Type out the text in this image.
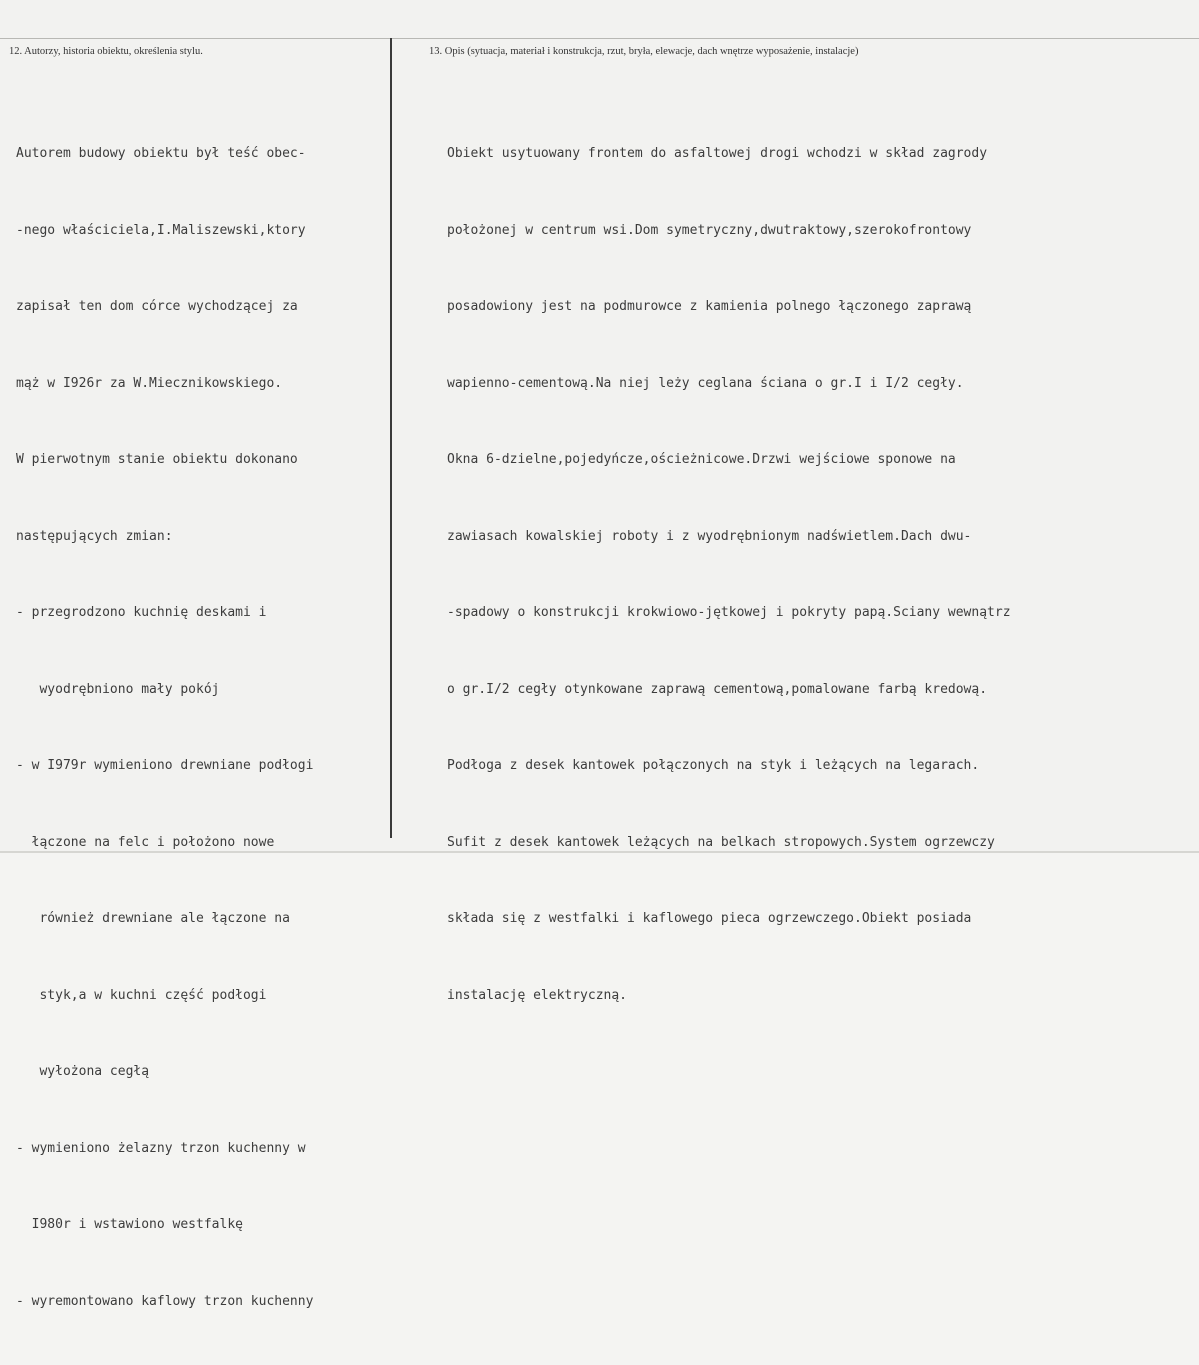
12. Autorzy, historia obiektu, określenia stylu.	13. Opis (sytuacja, materiał i konstrukcja, rzut, bryła, elewacje, dach wnętrze wyposażenie, instalacje)

Autorem budowy obiektu był teść obec-

-nego właściciela,I.Maliszewski,ktory

zapisał ten dom córce wychodzącej za

mąż w I926r za W.Miecznikowskiego.

W pierwotnym stanie obiektu dokonano

następujących zmian:

- przegrodzono kuchnię deskami i

wyodrębniono mały pokój

- w I979r wymieniono drewniane podłogi

łączone na felc i położono nowe

również drewniane ale łączone na

styk,a w kuchni część podłogi

wyłożona cegłą

- wymieniono żelazny trzon kuchenny w

I980r i wstawiono westfalkę

- wyremontowano kaflowy trzon kuchenny

Obiekt usytuowany frontem do asfaltowej drogi wchodzi w skład zagrody

położonej w centrum wsi.Dom symetryczny,dwutraktowy,szerokofrontowy

posadowiony jest na podmurowce z kamienia polnego łączonego zaprawą

wapienno-cementową.Na niej leży ceglana ściana o gr.I i I/2 cegły.

Okna 6-dzielne,pojedyńcze,ościeżnicowe.Drzwi wejściowe sponowe na

zawiasach kowalskiej roboty i z wyodrębnionym nadświetlem.Dach dwu-

-spadowy o konstrukcji krokwiowo-jętkowej i pokryty papą.Sciany wewnątrz

o gr.I/2 cegły otynkowane zaprawą cementową,pomalowane farbą kredową.

Podłoga z desek kantowek połączonych na styk i leżących na legarach.

Sufit z desek kantowek leżących na belkach stropowych.System ogrzewczy

składa się z westfalki i kaflowego pieca ogrzewczego.Obiekt posiada

instalację elektryczną.
